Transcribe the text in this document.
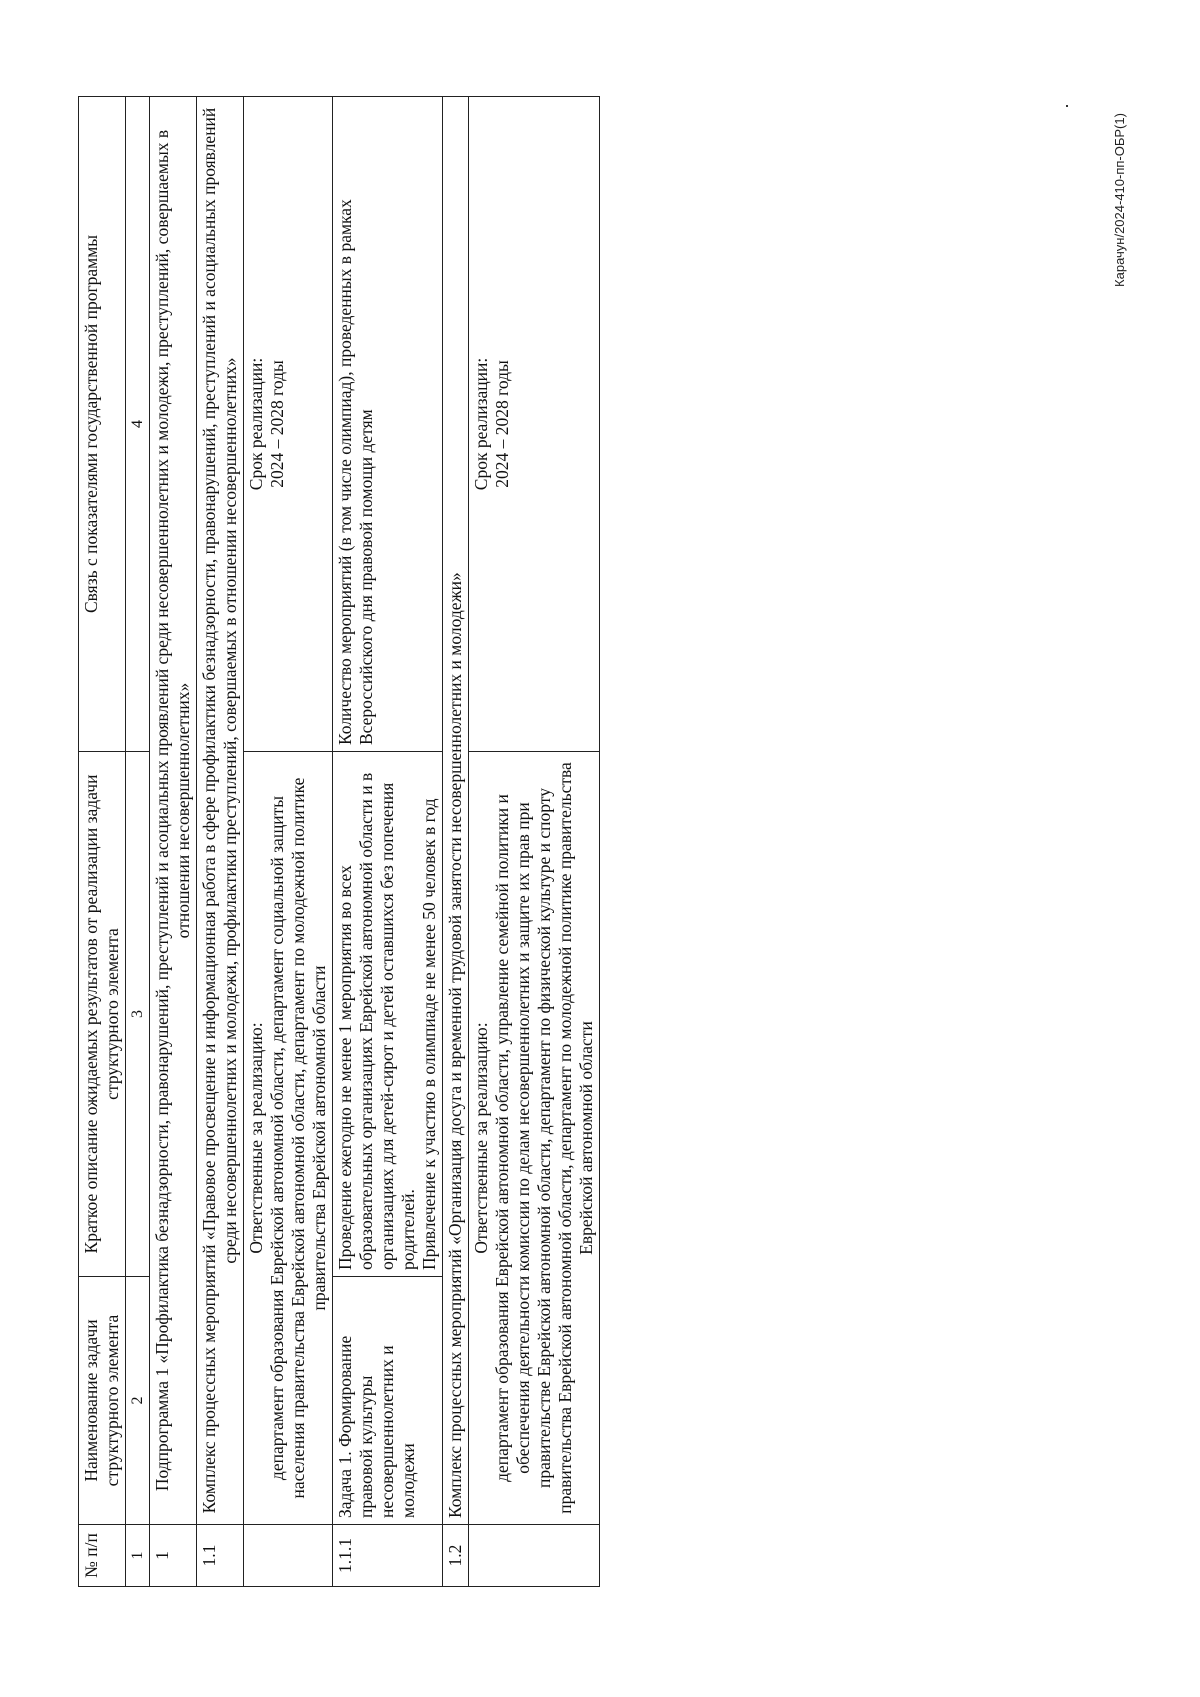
№ п/п	Наименование задачи структурного элемента	Краткое описание ожидаемых результатов от реализации задачи структурного элемента	Связь с показателями государственной программы
1	2	3	4
1	Подпрограмма 1 «Профилактика безнадзорности, правонарушений, преступлений и асоциальных проявлений среди несовершеннолетних и молодежи, преступлений, совершаемых в отношении несовершеннолетних»		
1.1	Комплекс процессных мероприятий «Правовое просвещение и информационная работа в сфере профилактики безнадзорности, правонарушений, преступлений и асоциальных проявлений среди несовершеннолетних и молодежи, профилактики преступлений, совершаемых в отношении несовершеннолетних»		

	Ответственные за реализацию: департамент образования Еврейской автономной области, департамент социальной защиты населения правительства Еврейской автономной области, департамент по молодежной политике правительства Еврейской автономной области		Срок реализации: 2024 – 2028 годы

1.1.1	Задача 1. Формирование правовой культуры несовершеннолетних и молодежи	Проведение ежегодно не менее 1 мероприятия во всех образовательных организациях Еврейской автономной области и в организациях для детей-сирот и детей оставшихся без попечения родителей. Привлечение к участию в олимпиаде не менее 50 человек в год	Количество мероприятий (в том числе олимпиад), проведенных в рамках Всероссийского дня правовой помощи детям
1.2	Комплекс процессных мероприятий «Организация досуга и временной трудовой занятости несовершеннолетних и молодежи»		

	Ответственные за реализацию: департамент образования Еврейской автономной области, управление семейной политики и обеспечения деятельности комиссии по делам несовершеннолетних и защите их прав при правительстве Еврейской автономной области, департамент по физической культуре и спорту правительства Еврейской автономной области, департамент по молодежной политике правительства Еврейской автономной области		Срок реализации: 2024 – 2028 годы
Карачун/2024-410-пп-ОБР(1)
